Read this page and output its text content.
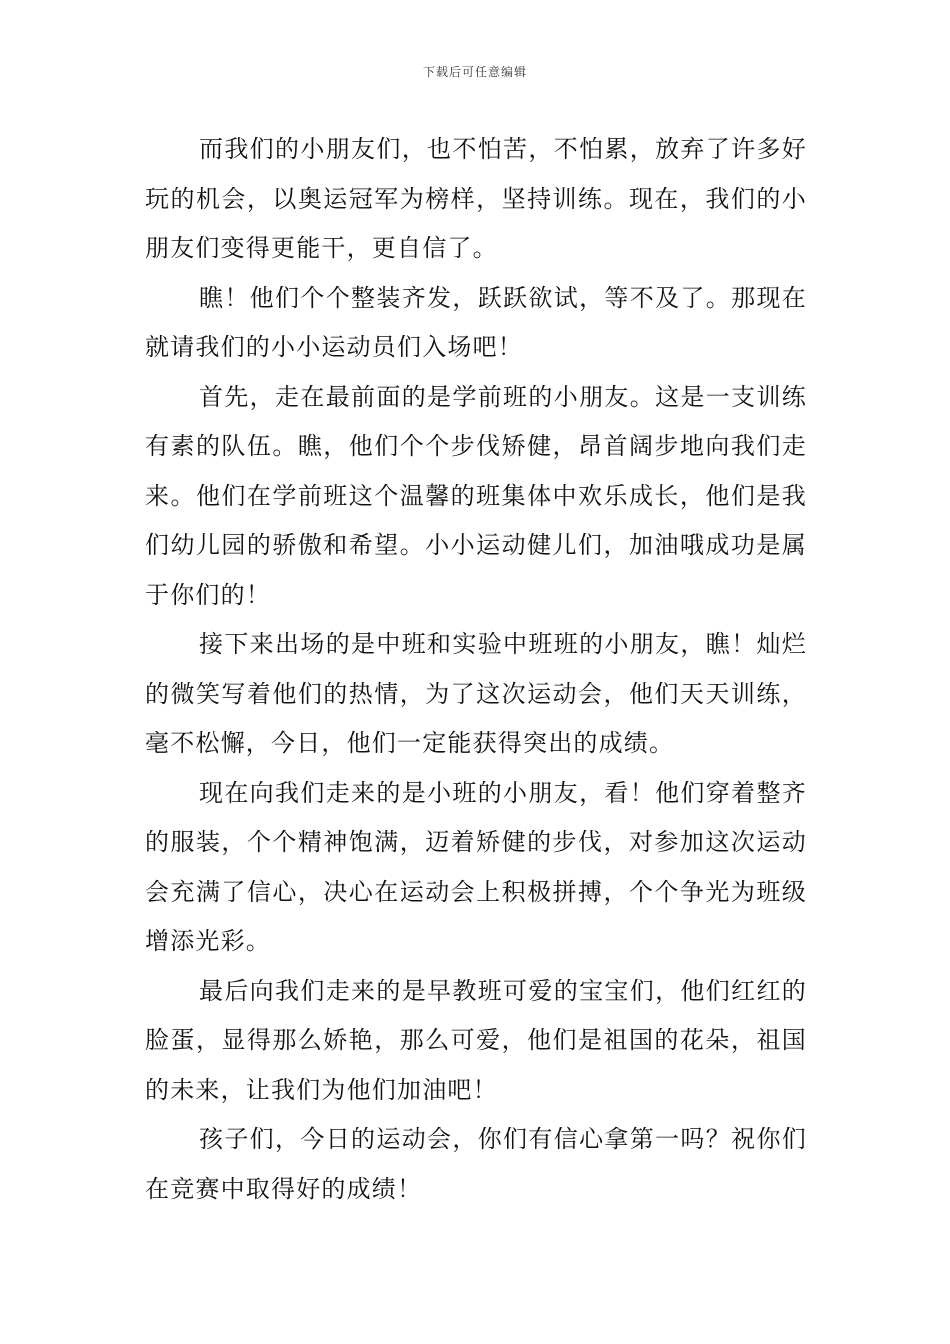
下载后可任意编辑

而我们的小朋友们，也不怕苦，不怕累，放弃了许多好玩的机会，以奥运冠军为榜样，坚持训练。现在，我们的小朋友们变得更能干，更自信了。

瞧！他们个个整装齐发，跃跃欲试，等不及了。那现在就请我们的小小运动员们入场吧！

首先，走在最前面的是学前班的小朋友。这是一支训练有素的队伍。瞧，他们个个步伐矫健，昂首阔步地向我们走来。他们在学前班这个温馨的班集体中欢乐成长，他们是我们幼儿园的骄傲和希望。小小运动健儿们，加油哦成功是属于你们的！

接下来出场的是中班和实验中班班的小朋友，瞧！灿烂的微笑写着他们的热情，为了这次运动会，他们天天训练，毫不松懈，今日，他们一定能获得突出的成绩。

现在向我们走来的是小班的小朋友，看！他们穿着整齐的服装，个个精神饱满，迈着矫健的步伐，对参加这次运动会充满了信心，决心在运动会上积极拼搏，个个争光为班级增添光彩。

最后向我们走来的是早教班可爱的宝宝们，他们红红的脸蛋，显得那么娇艳，那么可爱，他们是祖国的花朵，祖国的未来，让我们为他们加油吧！

孩子们，今日的运动会，你们有信心拿第一吗？祝你们在竞赛中取得好的成绩！
